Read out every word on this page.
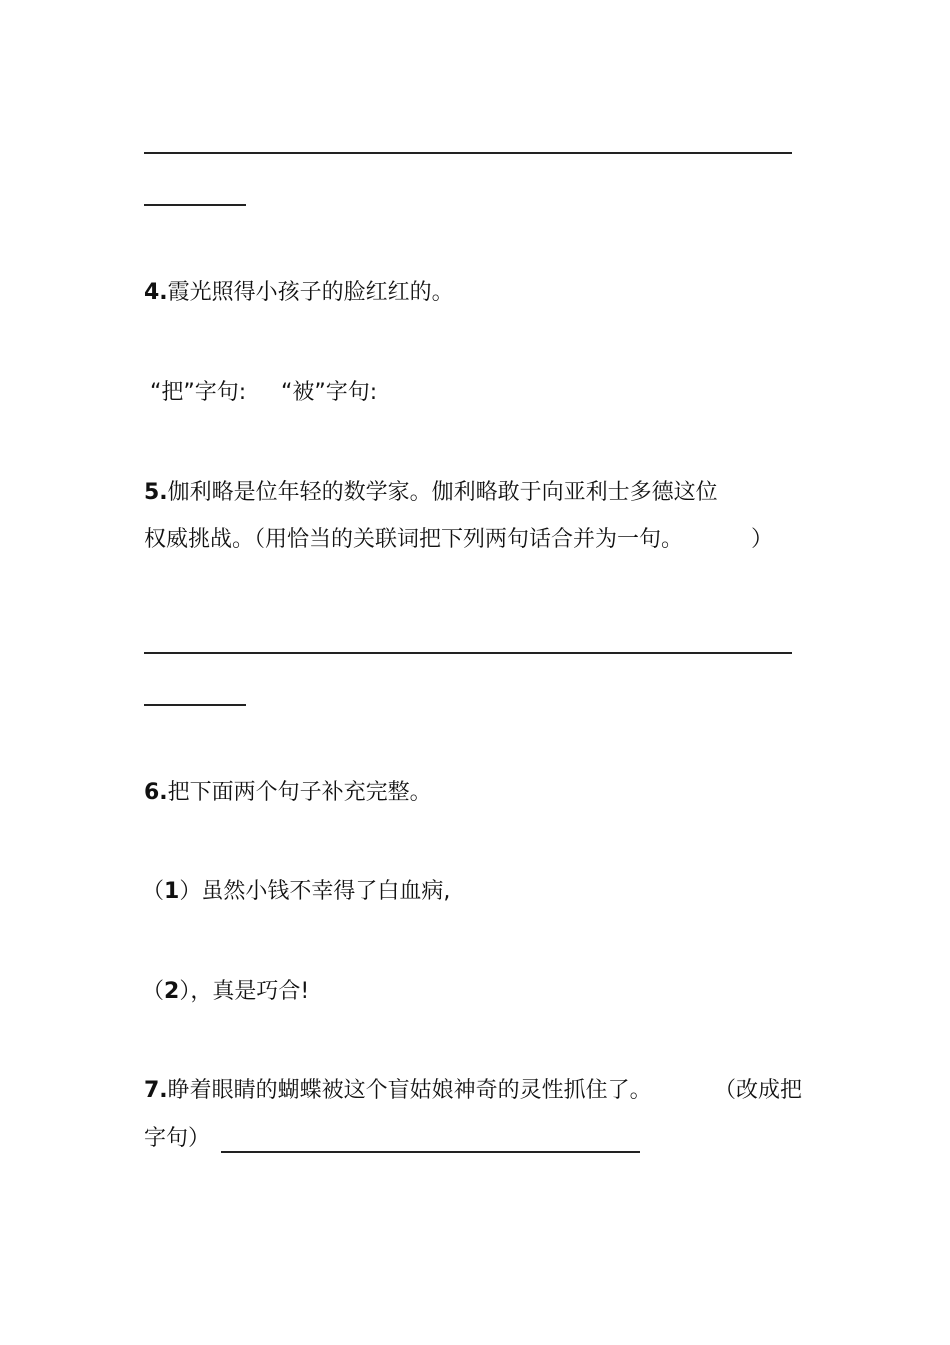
4.霞光照得小孩子的脸红红的。
“把”字句: “被”字句:
5.伽利略是位年轻的数学家。伽利略敢于向亚利士多德这位
权威挑战。（用恰当的关联词把下列两句话合并为一句。	）
6.把下面两个句子补充完整。
（1）虽然小钱不幸得了白血病,
（2），真是巧合!
7.睁着眼睛的蝴蝶被这个盲姑娘神奇的灵性抓住了。	（改成把
字句）
